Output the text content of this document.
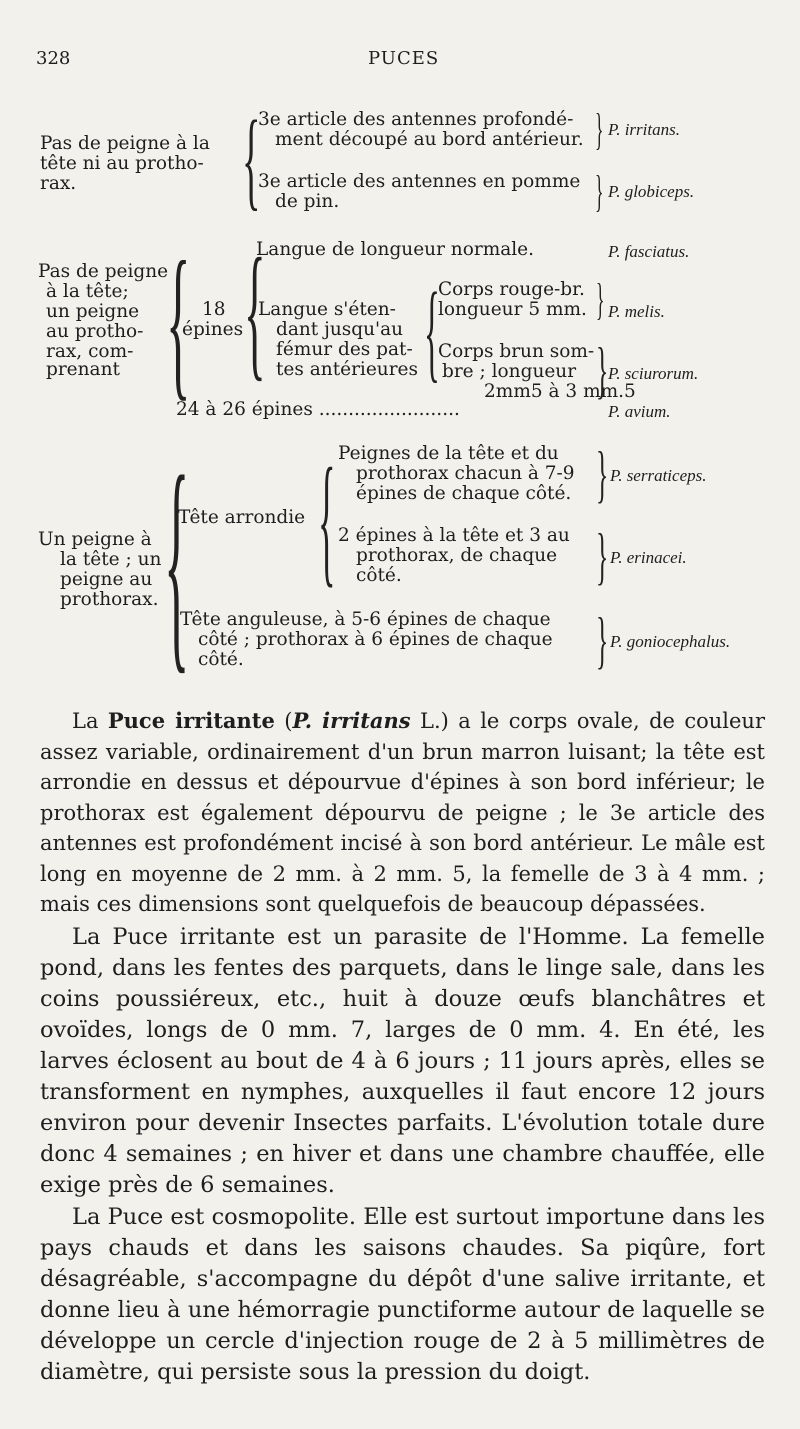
328	PUCES
Pas de peigne à la
tête ni au protho-
rax. {
3e article des antennes profondé-
ment découpé au bord antérieur. } P. irritans.
3e article des antennes en pomme
de pin.	} P. globiceps.
Pas de peigne
à la tête;
un peigne
au protho-
rax, com-
prenant {	Langue de longueur normale.	P. fasciatus.
18
épines {
Langue s'éten-
dant jusqu'au
fémur des pat-
tes antérieures {
Corps rouge-br.
longueur 5 mm. } P. melis.
Corps brun som-
bre ; longueur
2mm5 à 3 mm.5
} P. sciurorum.
24 à 26 épines ........................	P. avium.
Un peigne à
la tête ; un
peigne au
prothorax. {
Tête arrondie { Peignes de la tête et du
prothorax chacun à 7-9
épines de chaque côté. } P. serraticeps.
2 épines à la tête et 3 au
prothorax, de chaque
côté.	} P. erinacei.
Tête anguleuse, à 5-6 épines de chaque
côté ; prothorax à 6 épines de chaque
côté.	} P. goniocephalus.

La Puce irritante (P. irritans L.) a le corps ovale, de couleur assez variable, ordinairement d'un brun marron luisant; la tête est arrondie en dessus et dépourvue d'épines à son bord inférieur; le prothorax est également dépourvu de peigne ; le 3e article des antennes est profondément incisé à son bord antérieur. Le mâle est long en moyenne de 2 mm. à 2 mm. 5, la femelle de 3 à 4 mm. ; mais ces dimensions sont quelquefois de beaucoup dépassées.

La Puce irritante est un parasite de l'Homme. La femelle pond, dans les fentes des parquets, dans le linge sale, dans les coins poussiéreux, etc., huit à douze œufs blanchâtres et ovoïdes, longs de 0 mm. 7, larges de 0 mm. 4. En été, les larves éclosent au bout de 4 à 6 jours ; 11 jours après, elles se transforment en nymphes, auxquelles il faut encore 12 jours environ pour devenir Insectes parfaits. L'évolution totale dure donc 4 semaines ; en hiver et dans une chambre chauffée, elle exige près de 6 semaines.

La Puce est cosmopolite. Elle est surtout importune dans les pays chauds et dans les saisons chaudes. Sa piqûre, fort désagréable, s'accompagne du dépôt d'une salive irritante, et donne lieu à une hémorragie punctiforme autour de laquelle se développe un cercle d'injection rouge de 2 à 5 millimètres de diamètre, qui persiste sous la pression du doigt.
